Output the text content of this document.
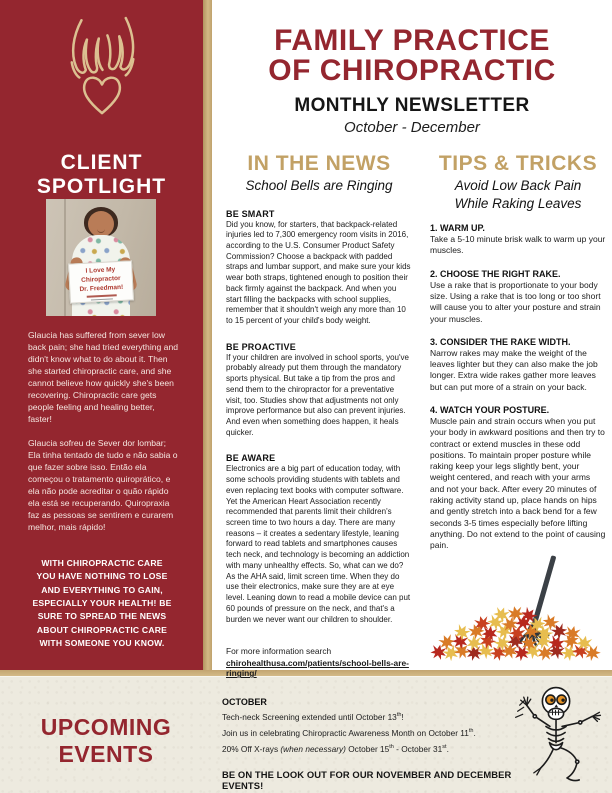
FAMILY PRACTICE
OF CHIROPRACTIC
MONTHLY NEWSLETTER
October - December
CLIENT SPOTLIGHT
I Love My
Chiropractor
Dr. Freedman!

Glaucia has suffered from sever low back pain; she had tried everything and didn't know what to do about it. Then she started chiropractic care, and she cannot believe how quickly she's been recovering. Chiropractic care gets people feeling and healing better, faster!

Glaucia sofreu de Sever dor lombar; Ela tinha tentado de tudo e não sabia o que fazer sobre isso. Então ela começou o tratamento quiroprático, e ela não pode acreditar o quão rápido ela está se recuperando. Quiropraxia faz as pessoas se sentirem e curarem melhor, mais rápido!

WITH CHIROPRACTIC CARE YOU HAVE NOTHING TO LOSE AND EVERYTHING TO GAIN, ESPECIALLY YOUR HEALTH! BE SURE TO SPREAD THE NEWS ABOUT CHIROPRACTIC CARE WITH SOMEONE YOU KNOW.
IN THE NEWS
School Bells are Ringing
BE SMART
Did you know, for starters, that backpack-related injuries led to 7,300 emergency room visits in 2016, according to the U.S. Consumer Product Safety Commission? Choose a backpack with padded straps and lumbar support, and make sure your kids wear both straps, tightened enough to position their back firmly against the backpack. And when you start filling the backpacks with school supplies, remember that it shouldn't weigh any more than 10 to 15 percent of your child's body weight.
BE PROACTIVE
If your children are involved in school sports, you've probably already put them through the mandatory sports physical. But take a tip from the pros and send them to the chiropractor for a preventative visit, too. Studies show that adjustments not only improve performance but also can prevent injuries. And even when something does happen, it heals quicker.
BE AWARE
Electronics are a big part of education today, with some schools providing students with tablets and even replacing text books with computer software. Yet the American Heart Association recently recommended that parents limit their children's screen time to two hours a day. There are many reasons – it creates a sedentary lifestyle, leaning forward to read tablets and smartphones causes tech neck, and technology is becoming an addiction with many unhealthy effects. So, what can we do? As the AHA said, limit screen time. When they do use their electronics, make sure they are at eye level. Leaning down to read a mobile device can put 60 pounds of pressure on the neck, and that's a burden we never want our children to shoulder.
For more information search
chirohealthusa.com/patients/school-bells-are-ringing/
TIPS & TRICKS
Avoid Low Back Pain
While Raking Leaves
1. WARM UP.
Take a 5-10 minute brisk walk to warm up your muscles.
2. CHOOSE THE RIGHT RAKE.
Use a rake that is proportionate to your body size. Using a rake that is too long or too short will cause you to alter your posture and strain your muscles.
3. CONSIDER THE RAKE WIDTH.
Narrow rakes may make the weight of the leaves lighter but they can also make the job longer. Extra wide rakes gather more leaves but can put more of a strain on your back.
4. WATCH YOUR POSTURE.
Muscle pain and strain occurs when you put your body in awkward positions and then try to contract or extend muscles in these odd positions. To maintain proper posture while raking keep your legs slightly bent, your weight centered, and reach with your arms and not your back. After every 20 minutes of raking activity stand up, place hands on hips and gently stretch into a back bend for a few seconds 3-5 times especially before lifting anything. Do not extend to the point of causing pain.
UPCOMING
EVENTS
OCTOBER
Tech-neck Screening extended until October 13th!
Join us in celebrating Chiropractic Awareness Month on October 11th.
20% Off X-rays (when necessary) October 15th - October 31st.
BE ON THE LOOK OUT FOR OUR NOVEMBER AND DECEMBER EVENTS!
